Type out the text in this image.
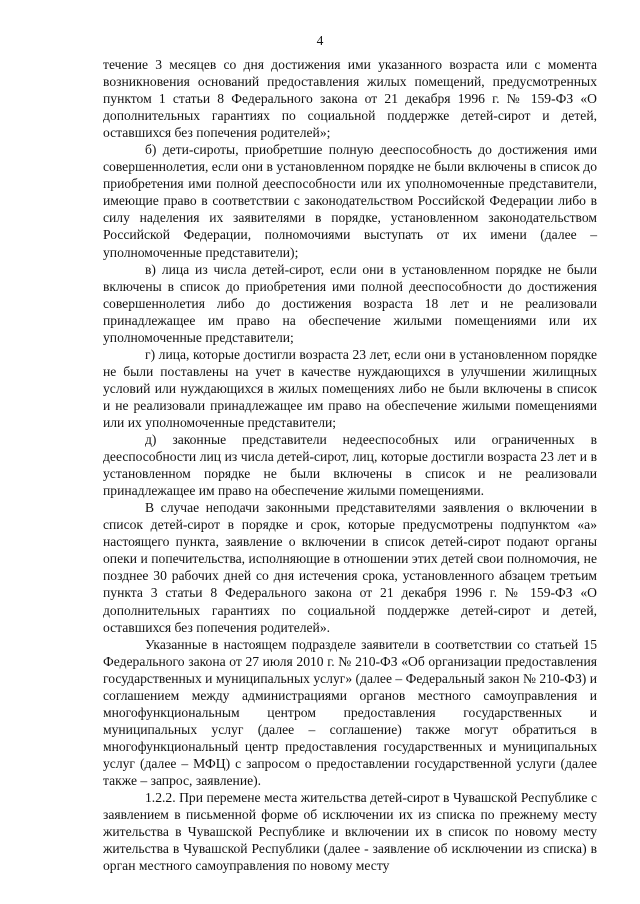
4

течение 3 месяцев со дня достижения ими указанного возраста или с момента возникновения оснований предоставления жилых помещений, предусмотренных пунктом 1 статьи 8 Федерального закона от 21 декабря 1996 г. № 159-ФЗ «О дополнительных гарантиях по социальной поддержке детей-сирот и детей, оставшихся без попечения родителей»;

б) дети-сироты, приобретшие полную дееспособность до достижения ими совершеннолетия, если они в установленном порядке не были включены в список до приобретения ими полной дееспособности или их уполномоченные представители, имеющие право в соответствии с законодательством Российской Федерации либо в силу наделения их заявителями в порядке, установленном законодательством Российской Федерации, полномочиями выступать от их имени (далее – уполномоченные представители);

в) лица из числа детей-сирот, если они в установленном порядке не были включены в список до приобретения ими полной дееспособности до достижения совершеннолетия либо до достижения возраста 18 лет и не реализовали принадлежащее им право на обеспечение жилыми помещениями или их уполномоченные представители;

г) лица, которые достигли возраста 23 лет, если они в установленном порядке не были поставлены на учет в качестве нуждающихся в улучшении жилищных условий или нуждающихся в жилых помещениях либо не были включены в список и не реализовали принадлежащее им право на обеспечение жилыми помещениями или их уполномоченные представители;

д) законные представители недееспособных или ограниченных в дееспособности лиц из числа детей-сирот, лиц, которые достигли возраста 23 лет и в установленном порядке не были включены в список и не реализовали принадлежащее им право на обеспечение жилыми помещениями.

В случае неподачи законными представителями заявления о включении в список детей-сирот в порядке и срок, которые предусмотрены подпунктом «а» настоящего пункта, заявление о включении в список детей-сирот подают органы опеки и попечительства, исполняющие в отношении этих детей свои полномочия, не позднее 30 рабочих дней со дня истечения срока, установленного абзацем третьим пункта 3 статьи 8 Федерального закона от 21 декабря 1996 г. № 159-ФЗ «О дополнительных гарантиях по социальной поддержке детей-сирот и детей, оставшихся без попечения родителей».

Указанные в настоящем подразделе заявители в соответствии со статьей 15 Федерального закона от 27 июля 2010 г. № 210-ФЗ «Об организации предоставления государственных и муниципальных услуг» (далее – Федеральный закон № 210-ФЗ) и соглашением между администрациями органов местного самоуправления и многофункциональным центром предоставления государственных и муниципальных услуг (далее – соглашение) также могут обратиться в многофункциональный центр предоставления государственных и муниципальных услуг (далее – МФЦ) с запросом о предоставлении государственной услуги (далее также – запрос, заявление).

1.2.2. При перемене места жительства детей-сирот в Чувашской Республике с заявлением в письменной форме об исключении их из списка по прежнему месту жительства в Чувашской Республике и включении их в список по новому месту жительства в Чувашской Республики (далее - заявление об исключении из списка) в орган местного самоуправления по новому месту
